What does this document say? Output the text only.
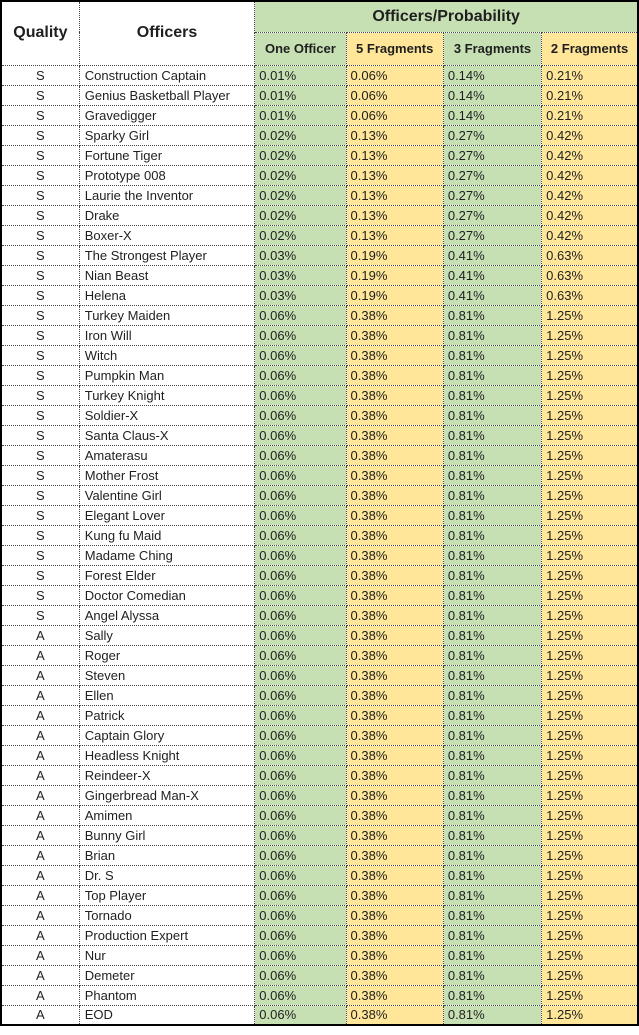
Quality	Officers	Officers/Probability			
		One Officer	5 Fragments	3 Fragments	2 Fragments
S	Construction Captain	0.01%	0.06%	0.14%	0.21%
S	Genius Basketball Player	0.01%	0.06%	0.14%	0.21%
S	Gravedigger	0.01%	0.06%	0.14%	0.21%
S	Sparky Girl	0.02%	0.13%	0.27%	0.42%
S	Fortune Tiger	0.02%	0.13%	0.27%	0.42%
S	Prototype 008	0.02%	0.13%	0.27%	0.42%
S	Laurie the Inventor	0.02%	0.13%	0.27%	0.42%
S	Drake	0.02%	0.13%	0.27%	0.42%
S	Boxer-X	0.02%	0.13%	0.27%	0.42%
S	The Strongest Player	0.03%	0.19%	0.41%	0.63%
S	Nian Beast	0.03%	0.19%	0.41%	0.63%
S	Helena	0.03%	0.19%	0.41%	0.63%
S	Turkey Maiden	0.06%	0.38%	0.81%	1.25%
S	Iron Will	0.06%	0.38%	0.81%	1.25%
S	Witch	0.06%	0.38%	0.81%	1.25%
S	Pumpkin Man	0.06%	0.38%	0.81%	1.25%
S	Turkey Knight	0.06%	0.38%	0.81%	1.25%
S	Soldier-X	0.06%	0.38%	0.81%	1.25%
S	Santa Claus-X	0.06%	0.38%	0.81%	1.25%
S	Amaterasu	0.06%	0.38%	0.81%	1.25%
S	Mother Frost	0.06%	0.38%	0.81%	1.25%
S	Valentine Girl	0.06%	0.38%	0.81%	1.25%
S	Elegant Lover	0.06%	0.38%	0.81%	1.25%
S	Kung fu Maid	0.06%	0.38%	0.81%	1.25%
S	Madame Ching	0.06%	0.38%	0.81%	1.25%
S	Forest Elder	0.06%	0.38%	0.81%	1.25%
S	Doctor Comedian	0.06%	0.38%	0.81%	1.25%
S	Angel Alyssa	0.06%	0.38%	0.81%	1.25%
A	Sally	0.06%	0.38%	0.81%	1.25%
A	Roger	0.06%	0.38%	0.81%	1.25%
A	Steven	0.06%	0.38%	0.81%	1.25%
A	Ellen	0.06%	0.38%	0.81%	1.25%
A	Patrick	0.06%	0.38%	0.81%	1.25%
A	Captain Glory	0.06%	0.38%	0.81%	1.25%
A	Headless Knight	0.06%	0.38%	0.81%	1.25%
A	Reindeer-X	0.06%	0.38%	0.81%	1.25%
A	Gingerbread Man-X	0.06%	0.38%	0.81%	1.25%
A	Amimen	0.06%	0.38%	0.81%	1.25%
A	Bunny Girl	0.06%	0.38%	0.81%	1.25%
A	Brian	0.06%	0.38%	0.81%	1.25%
A	Dr. S	0.06%	0.38%	0.81%	1.25%
A	Top Player	0.06%	0.38%	0.81%	1.25%
A	Tornado	0.06%	0.38%	0.81%	1.25%
A	Production Expert	0.06%	0.38%	0.81%	1.25%
A	Nur	0.06%	0.38%	0.81%	1.25%
A	Demeter	0.06%	0.38%	0.81%	1.25%
A	Phantom	0.06%	0.38%	0.81%	1.25%
A	EOD	0.06%	0.38%	0.81%	1.25%
